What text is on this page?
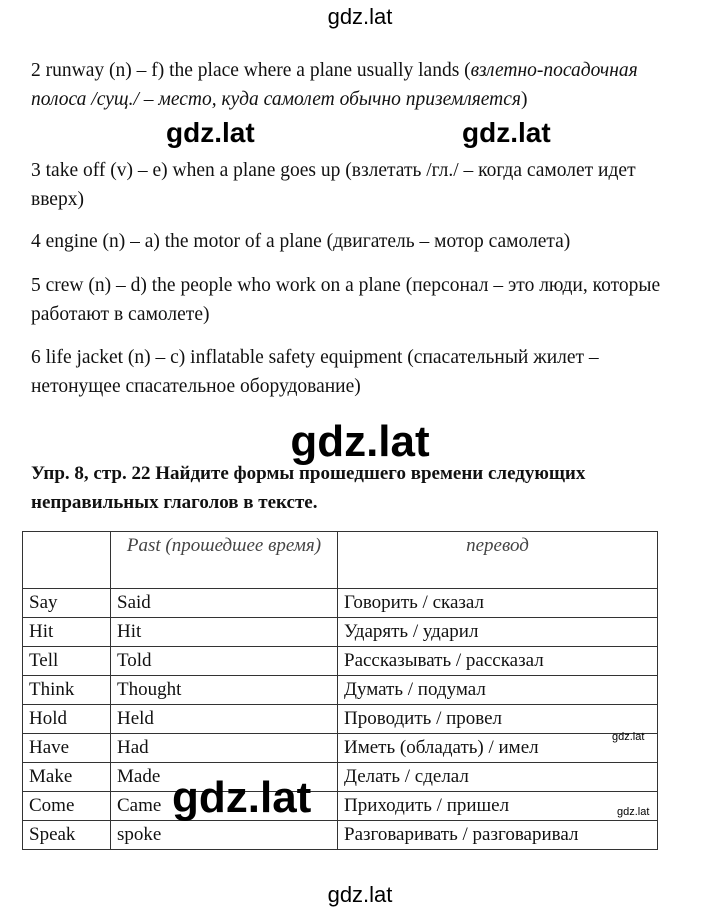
2 runway (n) – f) the place where a plane usually lands (взлетно-посадочная полоса /сущ./ – место, куда самолет обычно приземляется)
3 take off (v) – e) when a plane goes up (взлетать /гл./ – когда самолет идет вверх)
4 engine (n) – a) the motor of a plane (двигатель – мотор самолета)
5 crew (n) – d) the people who work on a plane (персонал – это люди, которые работают в самолете)
6 life jacket (n) – c) inflatable safety equipment (спасательный жилет – нетонущее спасательное оборудование)
Упр. 8, стр. 22 Найдите формы прошедшего времени следующих неправильных глаголов в тексте.
	Past (прошедшее время)	перевод
Say	Said	Говорить / сказал
Hit	Hit	Ударять / ударил
Tell	Told	Рассказывать / рассказал
Think	Thought	Думать / подумал
Hold	Held	Проводить / провел
Have	Had	Иметь (обладать) / имел
Make	Made	Делать / сделал
Come	Came	Приходить / пришел
Speak	spoke	Разговаривать / разговаривал
gdz.lat
gdz.lat	gdz.lat
gdz.lat
gdz.lat
gdz.lat
gdz.lat
gdz.lat
